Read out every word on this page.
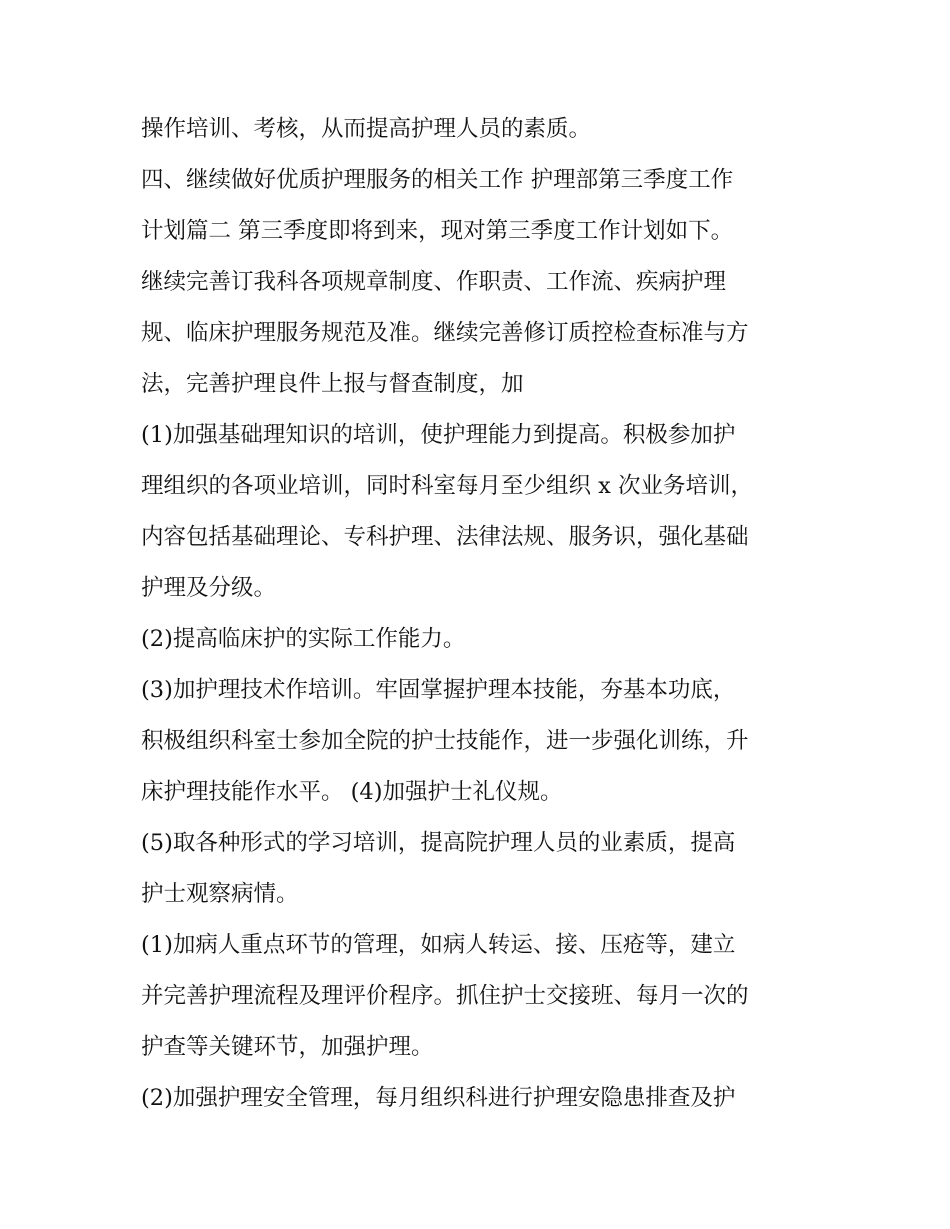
操作培训、考核，从而提高护理人员的素质。
四、继续做好优质护理服务的相关工作 护理部第三季度工作
计划篇二 第三季度即将到来，现对第三季度工作计划如下。
继续完善订我科各项规章制度、作职责、工作流、疾病护理
规、临床护理服务规范及准。继续完善修订质控检查标准与方
法，完善护理良件上报与督查制度，加
(1)加强基础理知识的培训，使护理能力到提高。积极参加护
理组织的各项业培训，同时科室每月至少组织 x 次业务培训，
内容包括基础理论、专科护理、法律法规、服务识，强化基础
护理及分级。
(2)提高临床护的实际工作能力。
(3)加护理技术作培训。牢固掌握护理本技能，夯基本功底，
积极组织科室士参加全院的护士技能作，进一步强化训练，升
床护理技能作水平。 (4)加强护士礼仪规。
(5)取各种形式的学习培训，提高院护理人员的业素质，提高
护士观察病情。
(1)加病人重点环节的管理，如病人转运、接、压疮等，建立
并完善护理流程及理评价程序。抓住护士交接班、每月一次的
护查等关键环节，加强护理。
(2)加强护理安全管理，每月组织科进行护理安隐患排查及护
